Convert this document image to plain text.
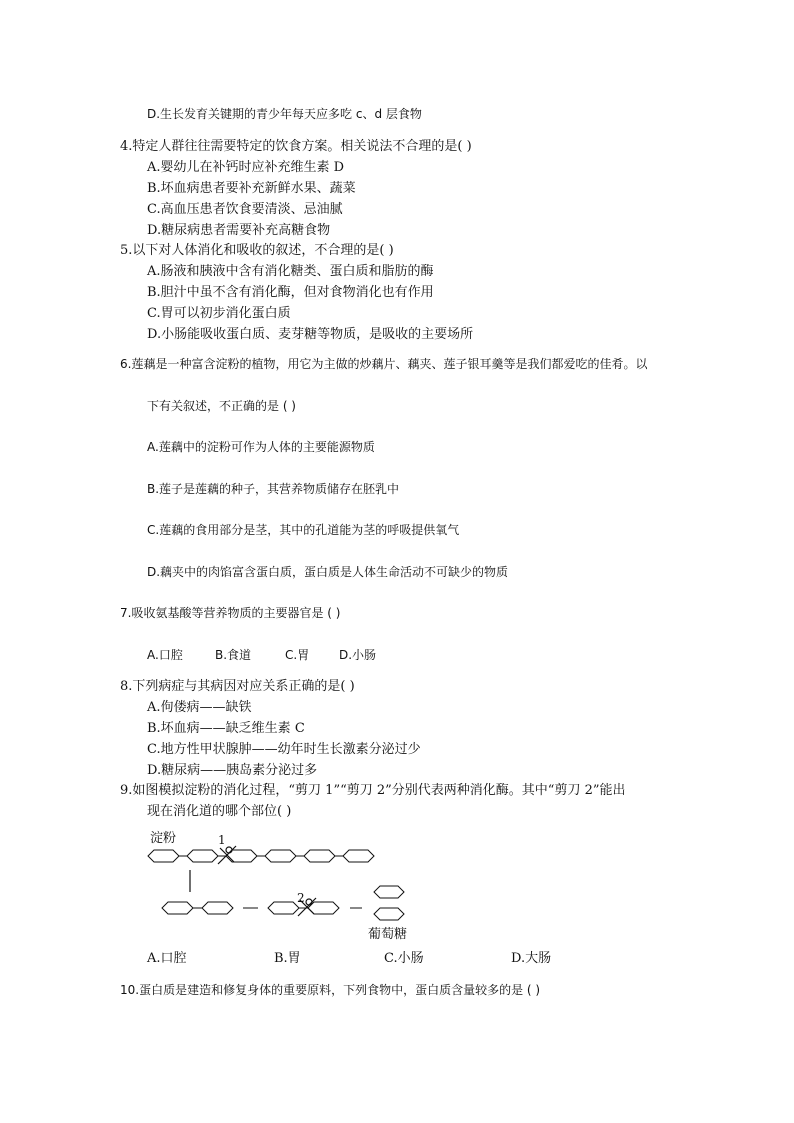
D.生长发育关键期的青少年每天应多吃 c、d 层食物
4.特定人群往往需要特定的饮食方案。相关说法不合理的是( )
A.婴幼儿在补钙时应补充维生素 D
B.坏血病患者要补充新鲜水果、蔬菜
C.高血压患者饮食要清淡、忌油腻
D.糖尿病患者需要补充高糖食物
5.以下对人体消化和吸收的叙述，不合理的是( )
A.肠液和胰液中含有消化糖类、蛋白质和脂肪的酶
B.胆汁中虽不含有消化酶，但对食物消化也有作用
C.胃可以初步消化蛋白质
D.小肠能吸收蛋白质、麦芽糖等物质，是吸收的主要场所
6.莲藕是一种富含淀粉的植物，用它为主做的炒藕片、藕夹、莲子银耳羹等是我们都爱吃的佳肴。以
下有关叙述，不正确的是 ( )
A.莲藕中的淀粉可作为人体的主要能源物质
B.莲子是莲藕的种子，其营养物质储存在胚乳中
C.莲藕的食用部分是茎，其中的孔道能为茎的呼吸提供氧气
D.藕夹中的肉馅富含蛋白质，蛋白质是人体生命活动不可缺少的物质
7.吸收氨基酸等营养物质的主要器官是 ( )
A.口腔	B.食道	C.胃 D.小肠
8.下列病症与其病因对应关系正确的是( )
A.佝偻病——缺铁
B.坏血病——缺乏维生素 C
C.地方性甲状腺肿——幼年时生长激素分泌过少
D.糖尿病——胰岛素分泌过多
9.如图模拟淀粉的消化过程，“剪刀 1”“剪刀 2”分别代表两种消化酶。其中“剪刀 2”能出
现在消化道的哪个部位( )
淀粉	1
2
葡萄糖
A.口腔	B.胃	C.小肠	D.大肠
10.蛋白质是建造和修复身体的重要原料，下列食物中，蛋白质含量较多的是 ( )
